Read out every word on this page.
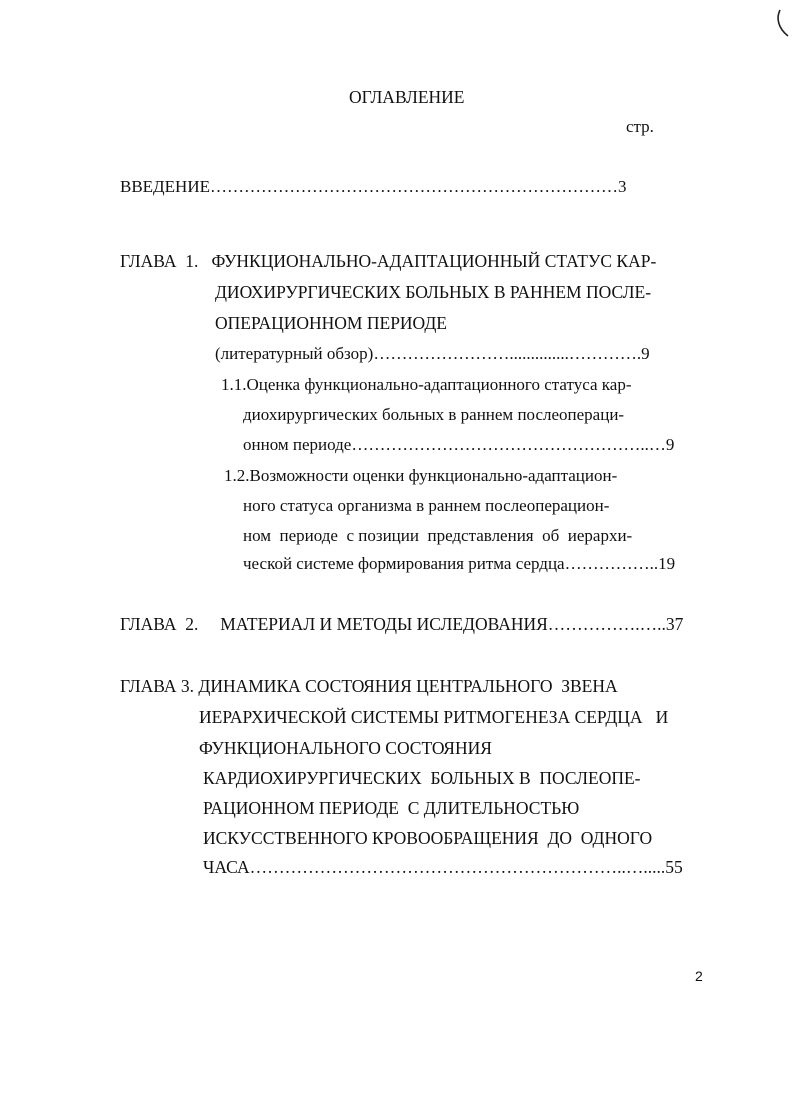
ОГЛАВЛЕНИЕ
стр.
ВВЕДЕНИЕ………………………………………………………………3
ГЛАВА  1.   ФУНКЦИОНАЛЬНО-АДАПТАЦИОННЫЙ СТАТУС КАР-
ДИОХИРУРГИЧЕСКИХ БОЛЬНЫХ В РАННЕМ ПОСЛЕ-
ОПЕРАЦИОННОМ ПЕРИОДЕ
(литературный обзор)……………………..............………….9
1.1.Оценка функционально-адаптационного статуса кар-
диохирургических больных в раннем послеоперaци-
онном периоде……………………………………………..…9
1.2.Возможности оценки функционально-адаптацион-
ного статуса организма в раннем послеоперацион-
ном  периоде  с позиции  представления  об  иерархи-
ческой системе формирования ритма сердца……………..19
ГЛАВА  2.     МАТЕРИАЛ И МЕТОДЫ ИСЛЕДОВАНИЯ…………….…..37
ГЛАВА 3. ДИНАМИКА СОСТОЯНИЯ ЦЕНТРАЛЬНОГО  ЗВЕНА
ИЕРАРХИЧЕСКОЙ СИСТЕМЫ РИТМОГЕНЕЗА СЕРДЦА   И
ФУНКЦИОНАЛЬНОГО СОСТОЯНИЯ
КАРДИОХИРУРГИЧЕСКИХ  БОЛЬНЫХ В  ПОСЛЕОПЕ-
РАЦИОННОМ ПЕРИОДЕ  С ДЛИТЕЛЬНОСТЬЮ
ИСКУССТВЕННОГО КРОВООБРАЩЕНИЯ  ДО  ОДНОГО
ЧАСА………………………………………………………..….....55
2
